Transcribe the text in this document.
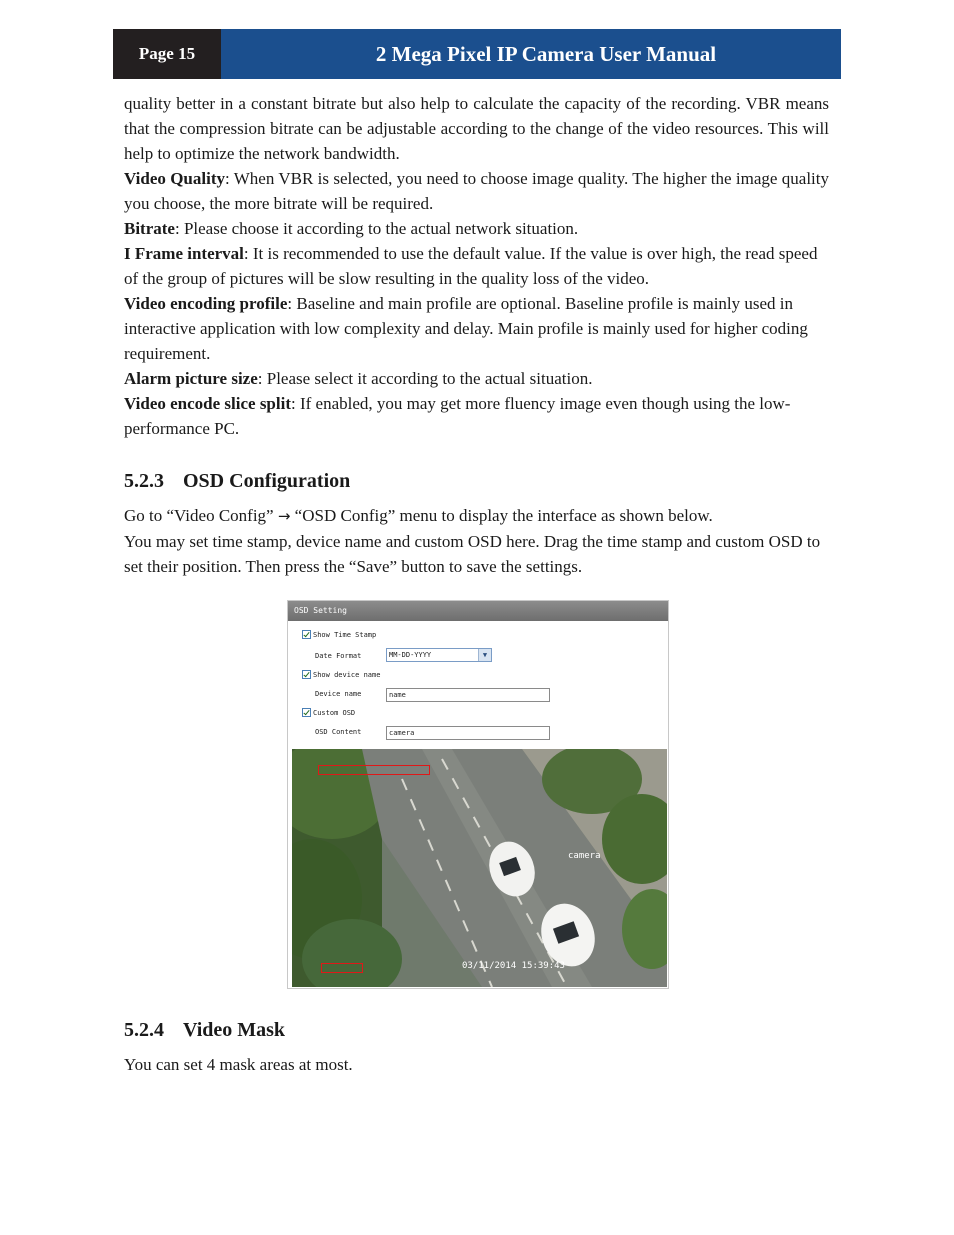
Page 15	2 Mega Pixel IP Camera User Manual

quality better in a constant bitrate but also help to calculate the capacity of the recording. VBR means that the compression bitrate can be adjustable according to the change of the video resources. This will help to optimize the network bandwidth.

Video Quality: When VBR is selected, you need to choose image quality. The higher the image quality you choose, the more bitrate will be required.

Bitrate: Please choose it according to the actual network situation.

I Frame interval: It is recommended to use the default value. If the value is over high, the read speed of the group of pictures will be slow resulting in the quality loss of the video.

Video encoding profile: Baseline and main profile are optional. Baseline profile is mainly used in interactive application with low complexity and delay. Main profile is mainly used for higher coding requirement.

Alarm picture size: Please select it according to the actual situation.

Video encode slice split: If enabled, you may get more fluency image even though using the low-performance PC.

5.2.3 OSD Configuration

Go to “Video Config” → “OSD Config” menu to display the interface as shown below.

You may set time stamp, device name and custom OSD here. Drag the time stamp and custom OSD to set their position. Then press the “Save” button to save the settings.

OSD Setting
Show Time Stamp
Date Format	MM-DD-YYYY	▼
Show device name
Device name	name
Custom OSD
OSD Content	camera
camera
03/11/2014 15:39:43
5.2.4 Video Mask
You can set 4 mask areas at most.
